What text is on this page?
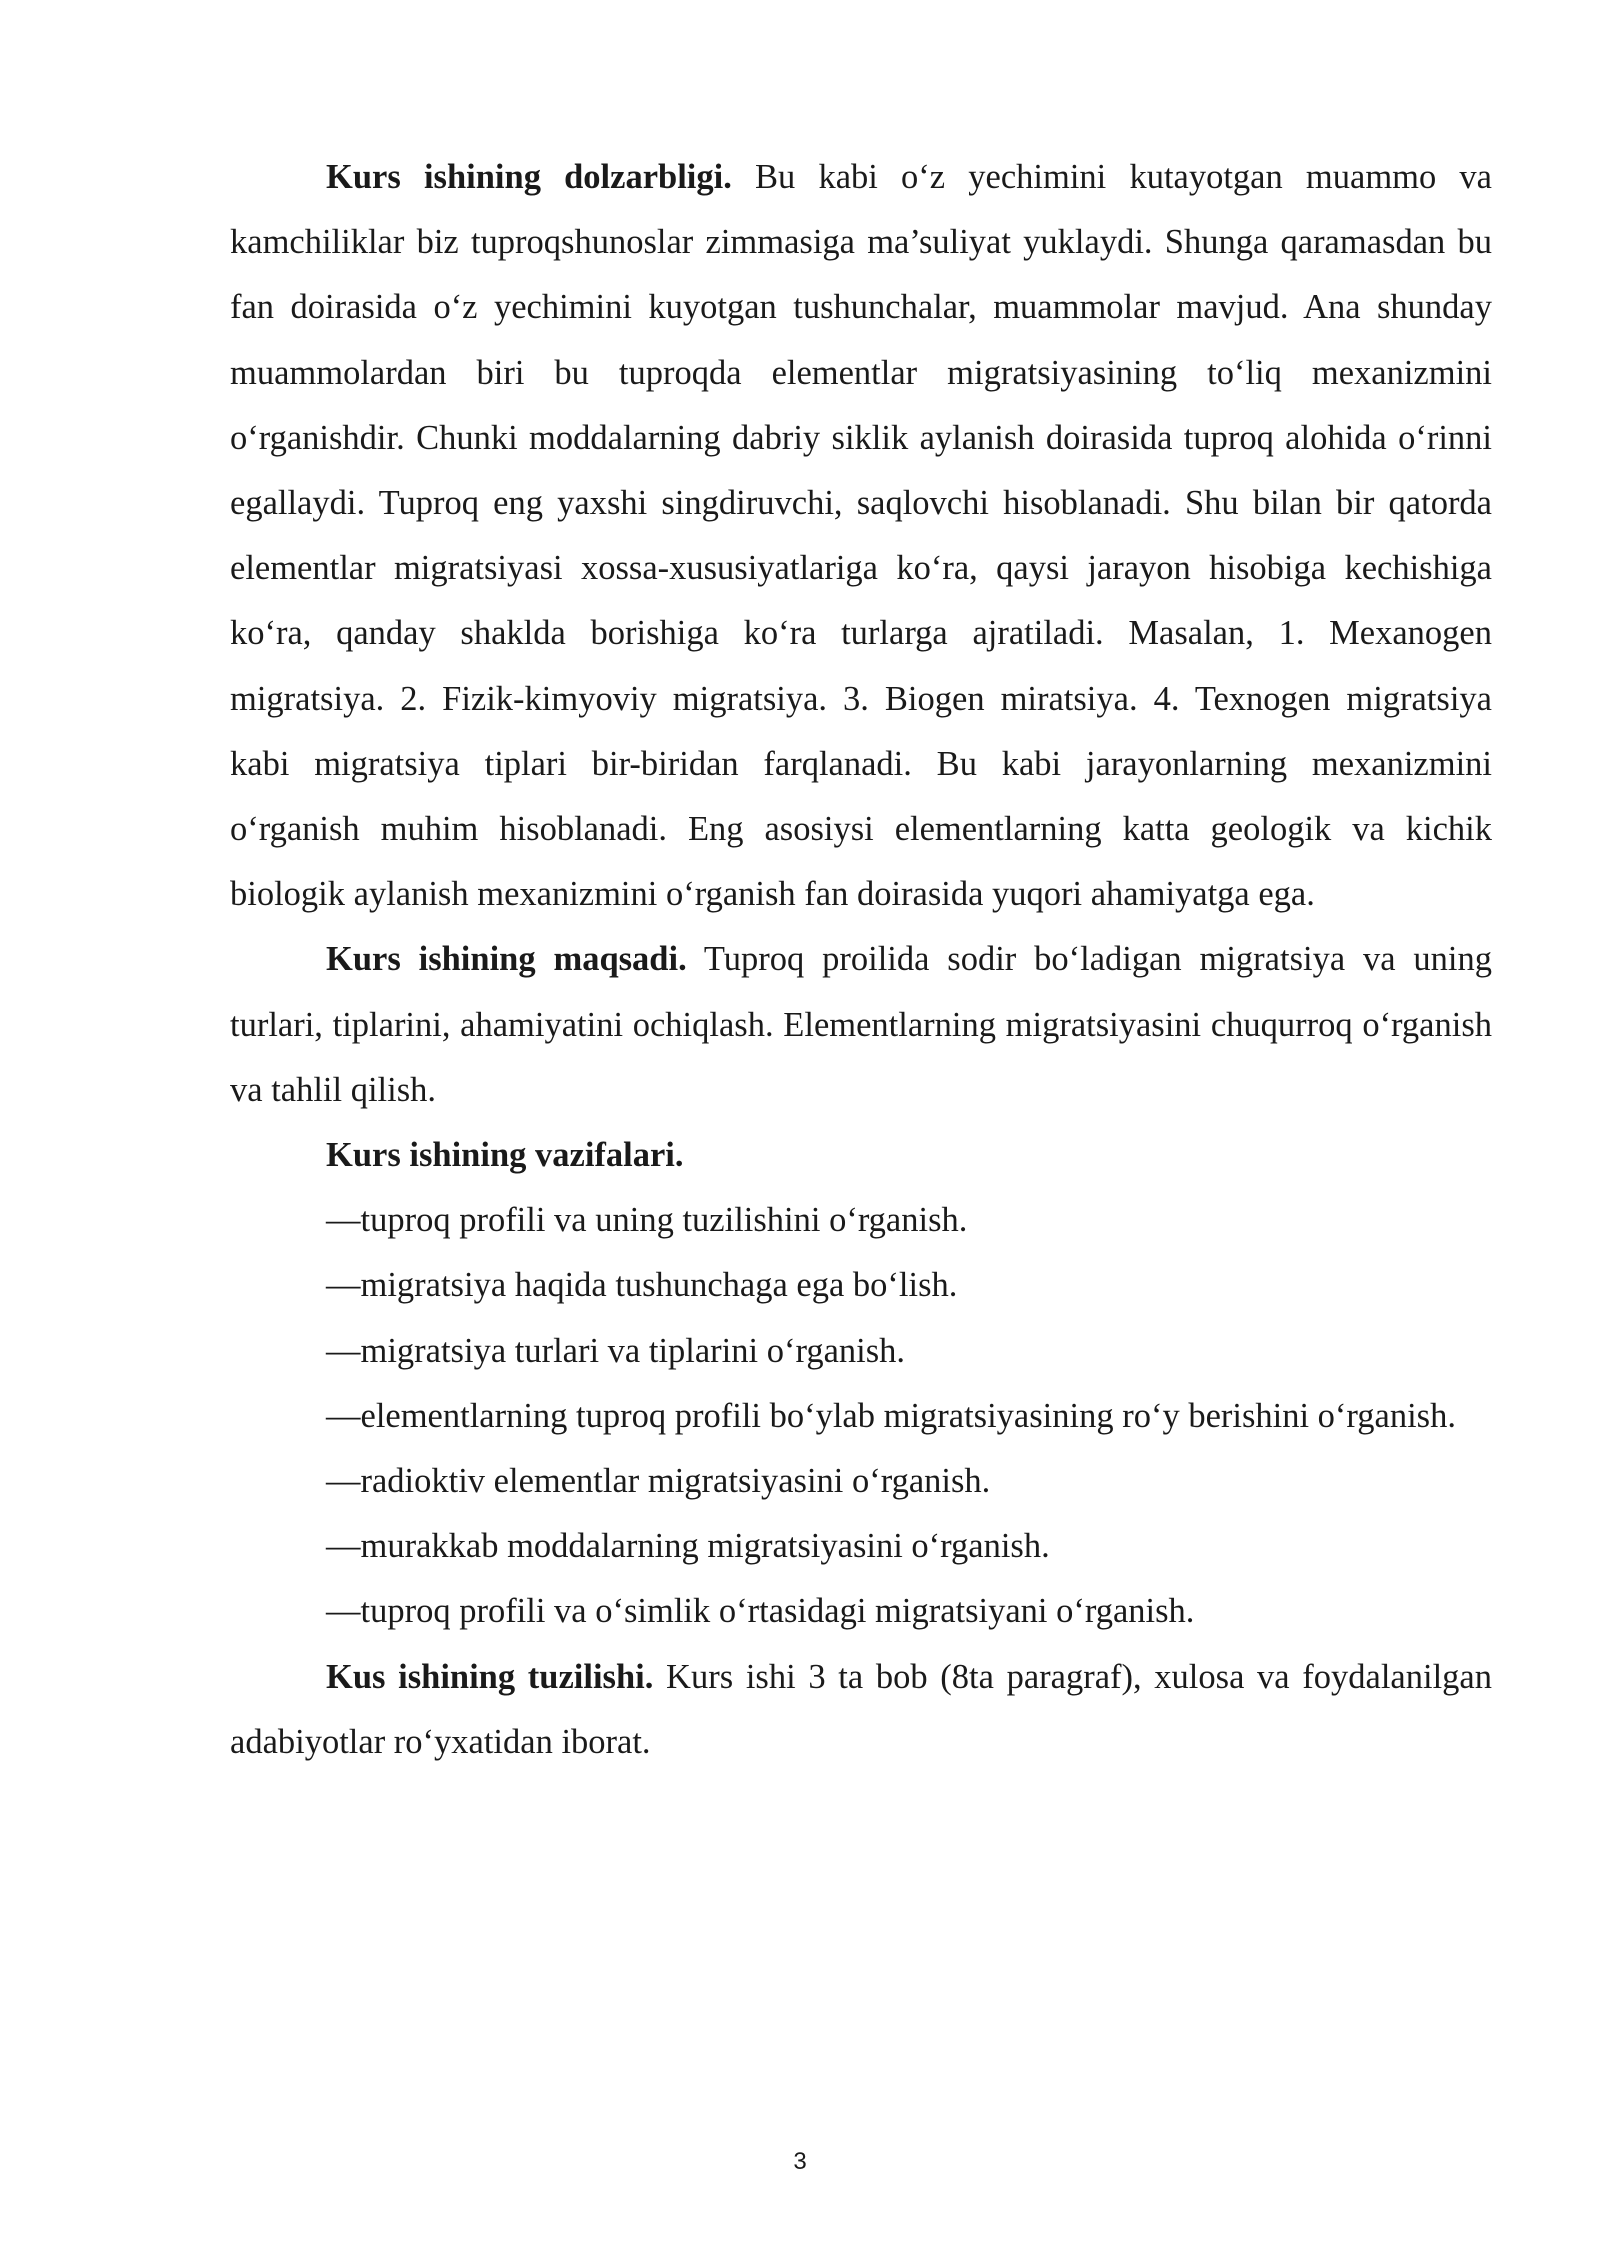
Kurs ishining dolzarbligi. Bu kabi o‘z yechimini kutayotgan muammo va kamchiliklar biz tuproqshunoslar zimmasiga ma’suliyat yuklaydi. Shunga qaramasdan bu fan doirasida o‘z yechimini kuyotgan tushunchalar, muammolar mavjud. Ana shunday muammolardan biri bu tuproqda elementlar migratsiyasining to‘liq mexanizmini o‘rganishdir. Chunki moddalarning dabriy siklik aylanish doirasida tuproq alohida o‘rinni egallaydi. Tuproq eng yaxshi singdiruvchi, saqlovchi hisoblanadi. Shu bilan bir qatorda elementlar migratsiyasi xossa-xususiyatlariga ko‘ra, qaysi jarayon hisobiga kechishiga ko‘ra, qanday shaklda borishiga ko‘ra turlarga ajratiladi. Masalan, 1. Mexanogen migratsiya. 2. Fizik-kimyoviy migratsiya. 3. Biogen miratsiya. 4. Texnogen migratsiya kabi migratsiya tiplari bir-biridan farqlanadi. Bu kabi jarayonlarning mexanizmini o‘rganish muhim hisoblanadi. Eng asosiysi elementlarning katta geologik va kichik biologik aylanish mexanizmini o‘rganish fan doirasida yuqori ahamiyatga ega.

Kurs ishining maqsadi. Tuproq proilida sodir bo‘ladigan migratsiya va uning turlari, tiplarini, ahamiyatini ochiqlash. Elementlarning migratsiyasini chuqurroq o‘rganish va tahlil qilish.

Kurs ishining vazifalari.

—tuproq profili va uning tuzilishini o‘rganish.

—migratsiya haqida tushunchaga ega bo‘lish.

—migratsiya turlari va tiplarini o‘rganish.

—elementlarning tuproq profili bo‘ylab migratsiyasining ro‘y berishini o‘rganish.

—radioktiv elementlar migratsiyasini o‘rganish.

—murakkab moddalarning migratsiyasini o‘rganish.

—tuproq profili va o‘simlik o‘rtasidagi migratsiyani o‘rganish.

Kus ishining tuzilishi. Kurs ishi 3 ta bob (8ta paragraf), xulosa va foydalanilgan adabiyotlar ro‘yxatidan iborat.

3
